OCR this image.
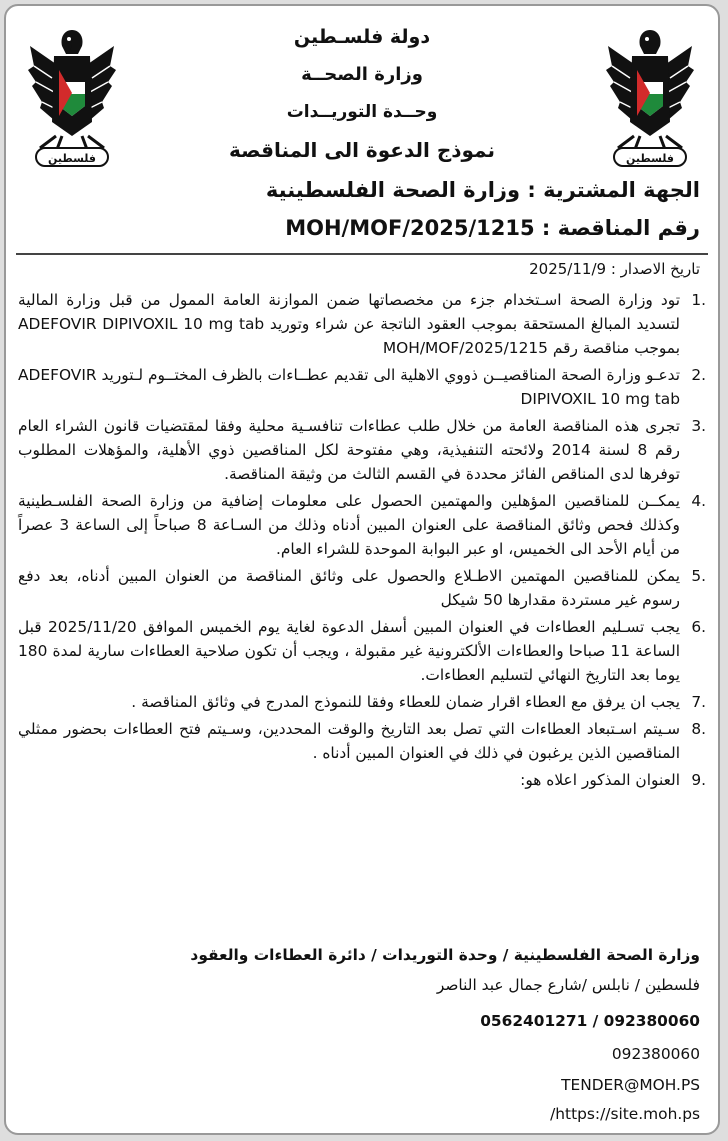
فلسطين	فلسطين
دولة فلسـطين
وزارة الصحــة
وحــدة التوريــدات
نموذج الدعوة الى المناقصة
الجهة المشترية : وزارة الصحة الفلسطينية
رقم المناقصة : MOH/MOF/2025/1215
تاريخ الاصدار : 2025/11/9
1.
تود وزارة الصحة اسـتخدام جزء من مخصصاتها ضمن الموازنة العامة الممول من قبل وزارة المالية لتسديد المبالغ المستحقة بموجب العقود الناتجة عن شراء وتوريد ADEFOVIR DIPIVOXIL 10 mg tab بموجب مناقصة رقم MOH/MOF/2025/1215
2.
تدعـو وزارة الصحة المناقصيــن ذووي الاهلية الى تقديم عطــاءات بالظرف المختــوم لـتوريد ADEFOVIR DIPIVOXIL 10 mg tab
3.
تجرى هذه المناقصة العامة من خلال طلب عطاءات تنافسـية محلية وفقا لمقتضيات قانون الشراء العام رقم 8 لسنة 2014 ولائحته التنفيذية، وهي مفتوحة لكل المناقصين ذوي الأهلية، والمؤهلات المطلوب توفرها لدى المناقص الفائز محددة في القسم الثالث من وثيقة المناقصة.
4.
يمكــن للمناقصين المؤهلين والمهتمين الحصول على معلومات إضافية من وزارة الصحة الفلسـطينية وكذلك فحص وثائق المناقصة على العنوان المبين أدناه وذلك من السـاعة 8 صباحاً إلى الساعة 3 عصراً من أيام الأحد الى الخميس، او عبر البوابة الموحدة للشراء العام.
5.
يمكن للمناقصين المهتمين الاطـلاع والحصول على وثائق المناقصة من العنوان المبين أدناه، بعد دفع رسوم غير مستردة مقدارها 50 شيكل
6.
يجب تسـليم العطاءات في العنوان المبين أسفل الدعوة لغاية يوم الخميس الموافق 2025/11/20 قبل الساعة 11 صباحا والعطاءات الألكترونية غير مقبولة ، ويجب أن تكون صلاحية العطاءات سارية لمدة 180 يوما بعد التاريخ النهائي لتسليم العطاءات.
7.
يجب ان يرفق مع العطاء اقرار ضمان للعطاء وفقا للنموذج المدرج في وثائق المناقصة .
8.
سـيتم اسـتبعاد العطاءات التي تصل بعد التاريخ والوقت المحددين، وسـيتم فتح العطاءات بحضور ممثلي المناقصين الذين يرغبون في ذلك في العنوان المبين أدناه .
9.
العنوان المذكور اعلاه هو:
وزارة الصحة الفلسطينية / وحدة التوريدات / دائرة العطاءات والعقود
فلسطين / نابلس /شارع جمال عبد الناصر
0562401271 / 092380060
092380060
TENDER@MOH.PS
https://site.moh.ps/
